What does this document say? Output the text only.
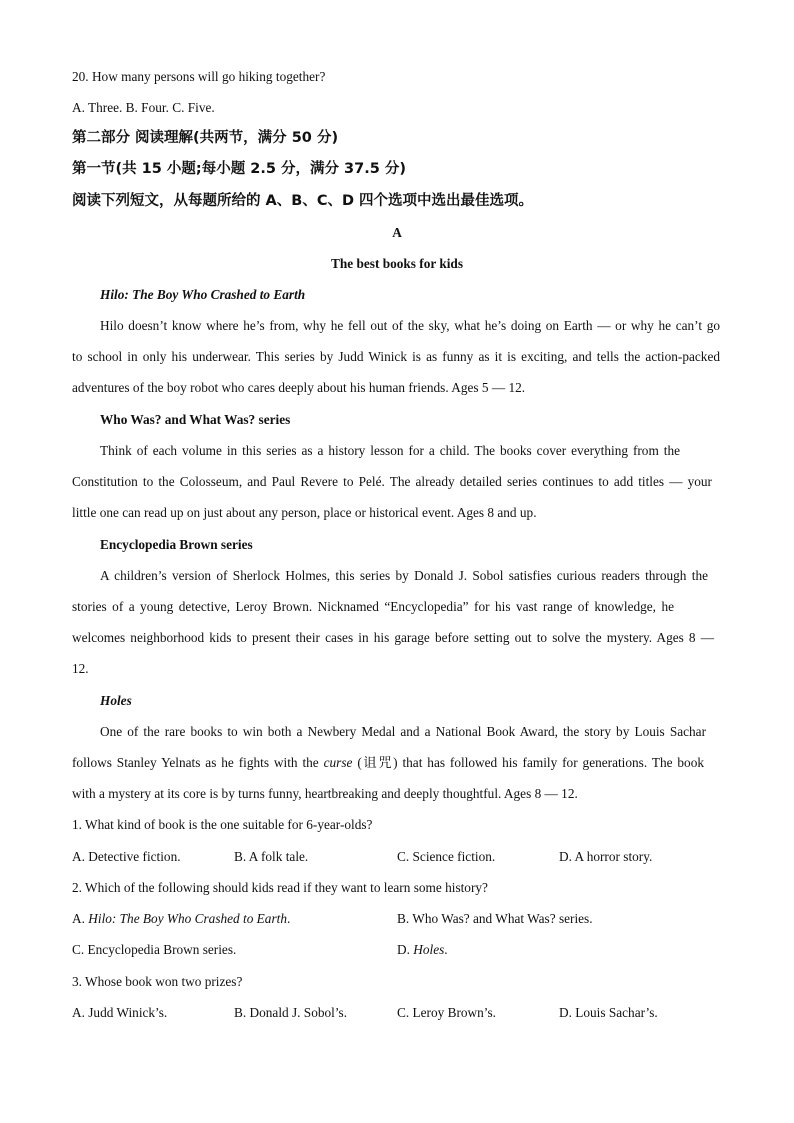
20. How many persons will go hiking together?
A. Three. B. Four. C. Five.
第二部分 阅读理解(共两节，满分 50 分)
第一节(共 15 小题;每小题 2.5 分，满分 37.5 分)
阅读下列短文，从每题所给的 A、B、C、D 四个选项中选出最佳选项。
A
The best books for kids
Hilo: The Boy Who Crashed to Earth
Hilo doesn’t know where he’s from, why he fell out of the sky, what he’s doing on Earth — or why he can’t go
to school in only his underwear. This series by Judd Winick is as funny as it is exciting, and tells the action-packed
adventures of the boy robot who cares deeply about his human friends. Ages 5 — 12.
Who Was? and What Was? series
Think of each volume in this series as a history lesson for a child. The books cover everything from the
Constitution to the Colosseum, and Paul Revere to Pelé. The already detailed series continues to add titles — your
little one can read up on just about any person, place or historical event. Ages 8 and up.
Encyclopedia Brown series
A children’s version of Sherlock Holmes, this series by Donald J. Sobol satisfies curious readers through the
stories of a young detective, Leroy Brown. Nicknamed “Encyclopedia” for his vast range of knowledge, he
welcomes neighborhood kids to present their cases in his garage before setting out to solve the mystery. Ages 8 —
12.
Holes
One of the rare books to win both a Newbery Medal and a National Book Award, the story by Louis Sachar
follows Stanley Yelnats as he fights with the curse (诅咒) that has followed his family for generations. The book
with a mystery at its core is by turns funny, heartbreaking and deeply thoughtful. Ages 8 — 12.
1. What kind of book is the one suitable for 6-year-olds?
A. Detective fiction.	B. A folk tale.	C. Science fiction.	D. A horror story.
2. Which of the following should kids read if they want to learn some history?
A. Hilo: The Boy Who Crashed to Earth.	B. Who Was? and What Was? series.
C. Encyclopedia Brown series.	D. Holes.
3. Whose book won two prizes?
A. Judd Winick’s.	B. Donald J. Sobol’s.	C. Leroy Brown’s.	D. Louis Sachar’s.
